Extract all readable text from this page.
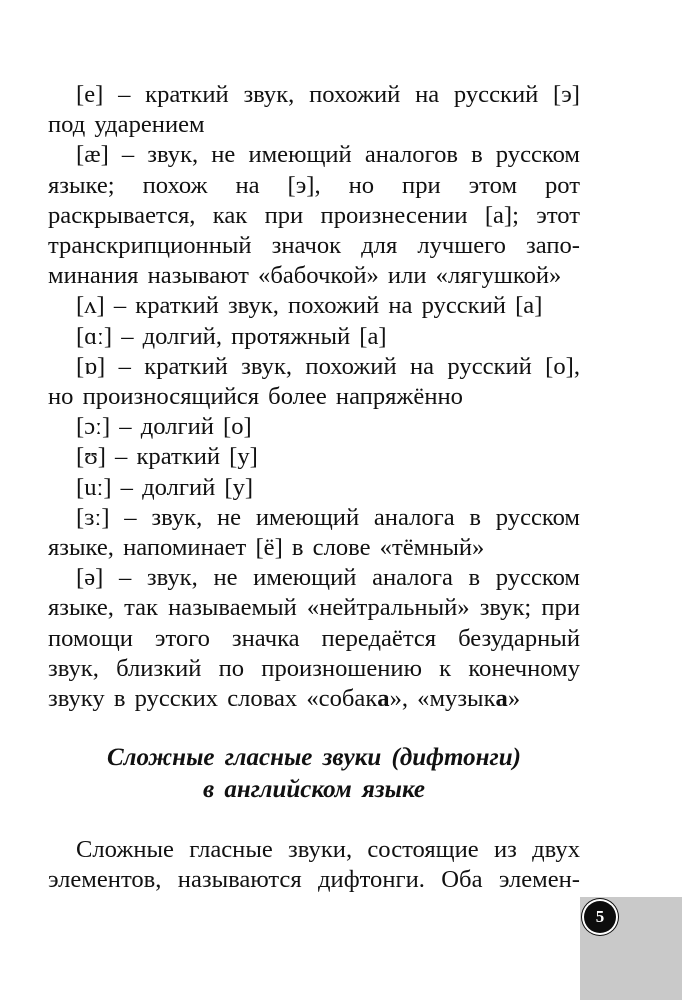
[e] – краткий звук, похожий на русский [э] под ударением

[æ] – звук, не имеющий аналогов в русском языке; похож на [э], но при этом рот раскрывается, как при произнесении [а]; этот транскрипционный значок для лучшего запоминания называют «бабочкой» или «лягушкой»

[ʌ] – краткий звук, похожий на русский [а]

[ɑː] – долгий, протяжный [а]

[ɒ] – краткий звук, похожий на русский [о], но произносящийся более напряжённо

[ɔː] – долгий [о]

[ʊ] – краткий [у]

[uː] – долгий [у]

[ɜː] – звук, не имеющий аналога в русском языке, напоминает [ё] в слове «тёмный»

[ə] – звук, не имеющий аналога в русском языке, так называемый «нейтральный» звук; при помощи этого значка передаётся безударный звук, близкий по произношению к конечному звуку в русских словах «собака», «музыка»

Сложные гласные звуки (дифтонги)
в английском языке

Сложные гласные звуки, состоящие из двух элементов, называются дифтонги. Оба элемен-

5
